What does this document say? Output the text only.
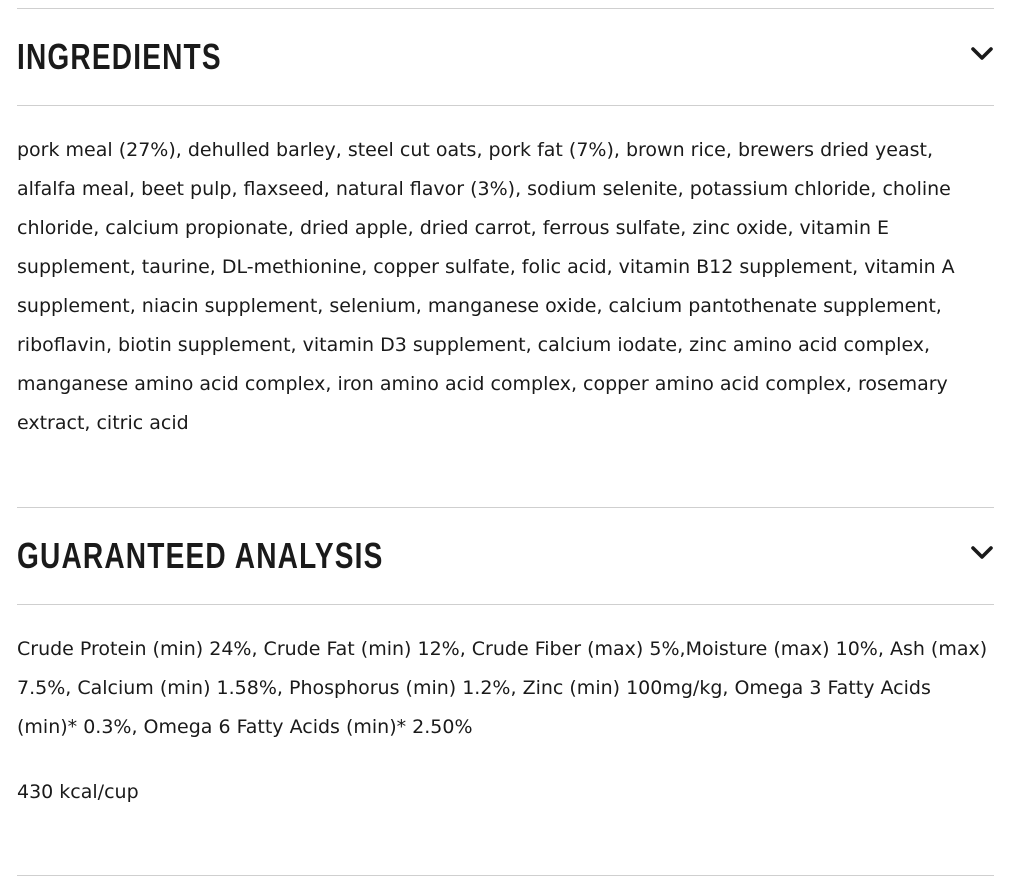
INGREDIENTS

pork meal (27%), dehulled barley, steel cut oats, pork fat (7%), brown rice, brewers dried yeast, alfalfa meal, beet pulp, flaxseed, natural flavor (3%), sodium selenite, potassium chloride, choline chloride, calcium propionate, dried apple, dried carrot, ferrous sulfate, zinc oxide, vitamin E supplement, taurine, DL-methionine, copper sulfate, folic acid, vitamin B12 supplement, vitamin A supplement, niacin supplement, selenium, manganese oxide, calcium pantothenate supplement, riboflavin, biotin supplement, vitamin D3 supplement, calcium iodate, zinc amino acid complex, manganese amino acid complex, iron amino acid complex, copper amino acid complex, rosemary extract, citric acid

GUARANTEED ANALYSIS

Crude Protein (min) 24%, Crude Fat (min) 12%, Crude Fiber (max) 5%,Moisture (max) 10%, Ash (max) 7.5%, Calcium (min) 1.58%, Phosphorus (min) 1.2%, Zinc (min) 100mg/kg, Omega 3 Fatty Acids (min)* 0.3%, Omega 6 Fatty Acids (min)* 2.50%

430 kcal/cup
